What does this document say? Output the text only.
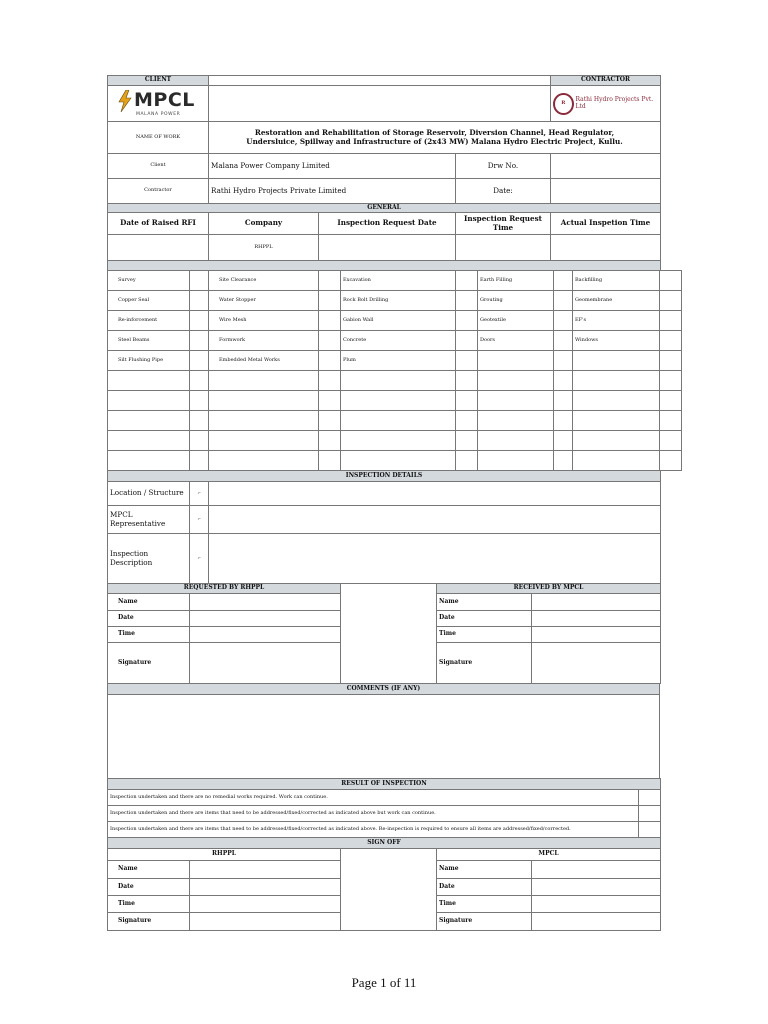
CLIENT			CONTRACTOR

MPCL
MALANA POWER			R
Rathi Hydro Projects Pvt. Ltd

NAME OF WORK	Restoration and Rehabilitation of Storage Reservoir, Diversion Channel, Head Regulator,
Undersluice, Spillway and Infrastructure of (2x43 MW) Malana Hydro Electric Project, Kullu.		

Client	Malana Power Company Limited	Drw No.	
Contractor	Rathi Hydro Projects Private Limited	Date:	
GENERAL				
Date of Raised RFI	Company	Inspection Request Date	Inspection Request Time	Actual Inspetion Time
	RHPPL			

Survey		Site Clearance		Excavation		Earth Filling		Backfilling	
Copper Seal		Water Stopper		Rock Bolt Drilling		Grouting		Geomembrane	
Re-inforcement		Wire Mesh		Gabion Wall		Geotextile		EF's	
Steel Beams		Formwork		Concrete		Doors		Windows	
Silt Flushing Pipe		Embedded Metal Works		Plum					

INSPECTION DETAILS		
Location / Structure	:-	
MPCL Representative	:-	
Inspection Description	:-	
REQUESTED BY RHPPL			RECEIVED BY MPCL	
Name			Name	
Date			Date	
Time			Time	
Signature			Signature	
COMMENTS (IF ANY)

RESULT OF INSPECTION	
Inspection undertaken and there are no remedial works required. Work can continue.	
Inspection undertaken and there are items that need to be addressed/fixed/corrected as indicated above but work can continue.	
Inspection undertaken and there are items that need to be addressed/fixed/corrected as indicated above. Re-inspection is required to ensure all items are addressed/fixed/corrected.	
SIGN OFF				
RHPPL			MPCL	
Name			Name	
Date			Date	
Time			Time	
Signature			Signature	
Page 1 of 11
